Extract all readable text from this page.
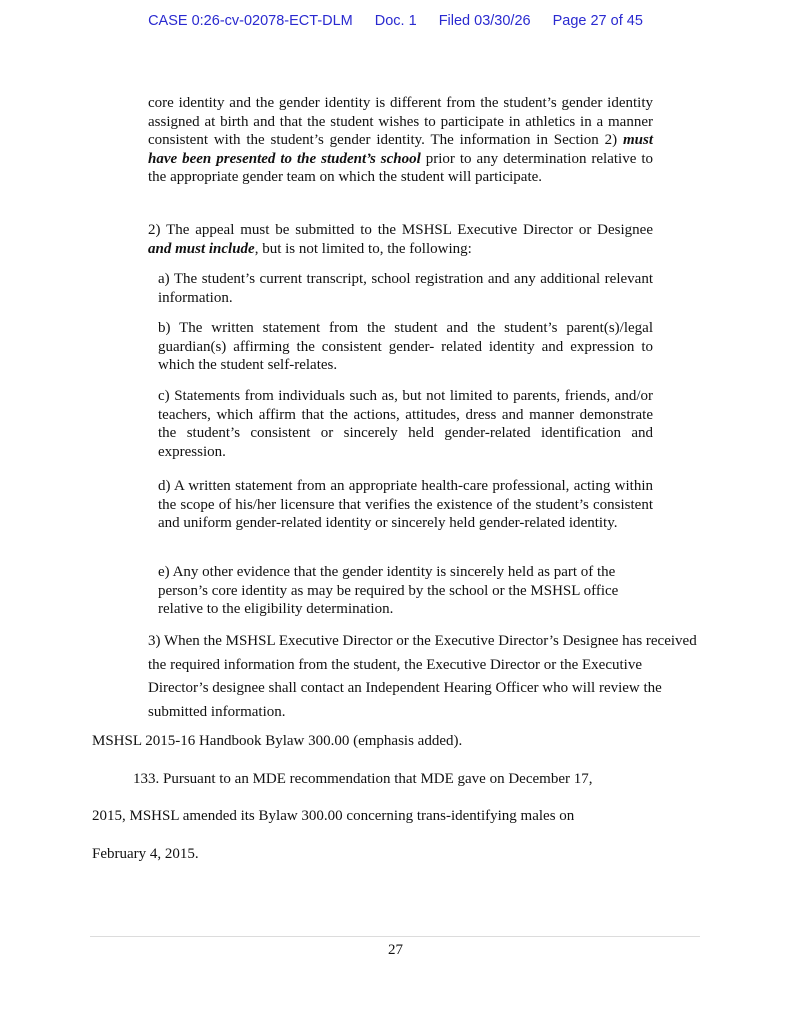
CASE 0:26-cv-02078-ECT-DLM Doc. 1 Filed 03/30/26 Page 27 of 45

core identity and the gender identity is different from the student’s gender identity assigned at birth and that the student wishes to participate in athletics in a manner consistent with the student’s gender identity. The information in Section 2) must have been presented to the student’s school prior to any determination relative to the appropriate gender team on which the student will participate.

2) The appeal must be submitted to the MSHSL Executive Director or Designee and must include, but is not limited to, the following:

a) The student’s current transcript, school registration and any additional relevant information.
b) The written statement from the student and the student’s parent(s)/legal guardian(s) affirming the consistent gender- related identity and expression to which the student self-relates.
c) Statements from individuals such as, but not limited to parents, friends, and/or teachers, which affirm that the actions, attitudes, dress and manner demonstrate the student’s consistent or sincerely held gender-related identification and expression.
d) A written statement from an appropriate health-care professional, acting within the scope of his/her licensure that verifies the existence of the student’s consistent and uniform gender-related identity or sincerely held gender-related identity.
e) Any other evidence that the gender identity is sincerely held as part of the person’s core identity as may be required by the school or the MSHSL office relative to the eligibility determination.
3) When the MSHSL Executive Director or the Executive Director’s Designee has received the required information from the student, the Executive Director or the Executive Director’s designee shall contact an Independent Hearing Officer who will review the submitted information.
MSHSL 2015-16 Handbook Bylaw 300.00 (emphasis added).
133. Pursuant to an MDE recommendation that MDE gave on December 17,
2015, MSHSL amended its Bylaw 300.00 concerning trans-identifying males on
February 4, 2015.
27
